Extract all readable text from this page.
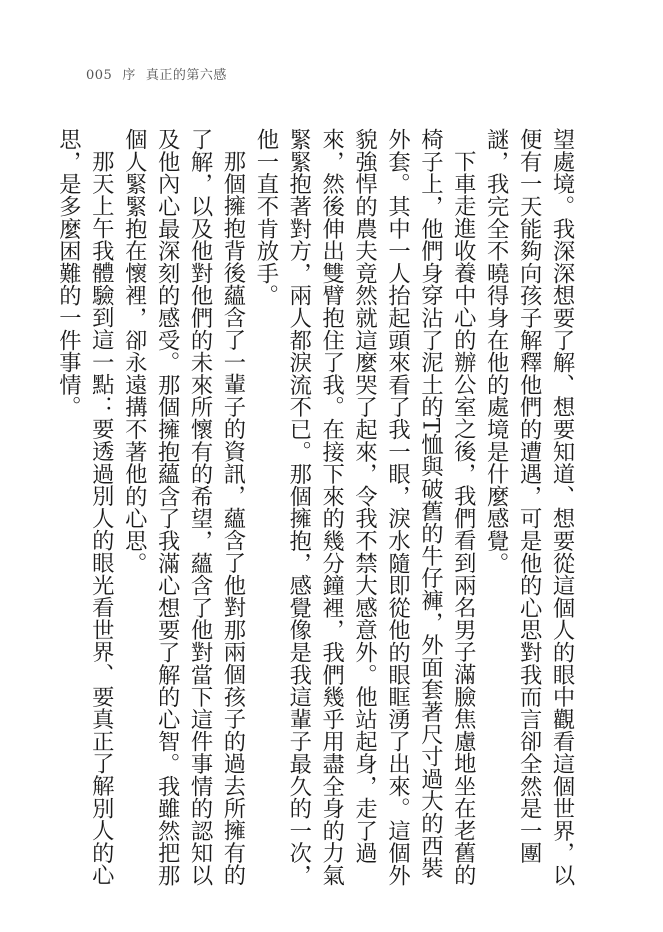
005 序 真正的第六感

望處境。我深深想要了解、想要知道、想要從這個人的眼中觀看這個世界，以便有一天能夠向孩子解釋他們的遭遇，可是他的心思對我而言卻全然是一團謎，我完全不曉得身在他的處境是什麼感覺。

下車走進收養中心的辦公室之後，我們看到兩名男子滿臉焦慮地坐在老舊的椅子上，他們身穿沾了泥土的T恤與破舊的牛仔褲，外面套著尺寸過大的西裝外套。其中一人抬起頭來看了我一眼，淚水隨即從他的眼眶湧了出來。這個外貌強悍的農夫竟然就這麼哭了起來，令我不禁大感意外。他站起身，走了過來，然後伸出雙臂抱住了我。在接下來的幾分鐘裡，我們幾乎用盡全身的力氣緊緊抱著對方，兩人都淚流不已。那個擁抱，感覺像是我這輩子最久的一次，他一直不肯放手。

那個擁抱背後蘊含了一輩子的資訊，蘊含了他對那兩個孩子的過去所擁有的了解，以及他對他們的未來所懷有的希望，蘊含了他對當下這件事情的認知以及他內心最深刻的感受。那個擁抱蘊含了我滿心想要了解的心智。我雖然把那個人緊緊抱在懷裡，卻永遠搆不著他的心思。

那天上午我體驗到這一點：要透過別人的眼光看世界、要真正了解別人的心思，是多麼困難的一件事情。
